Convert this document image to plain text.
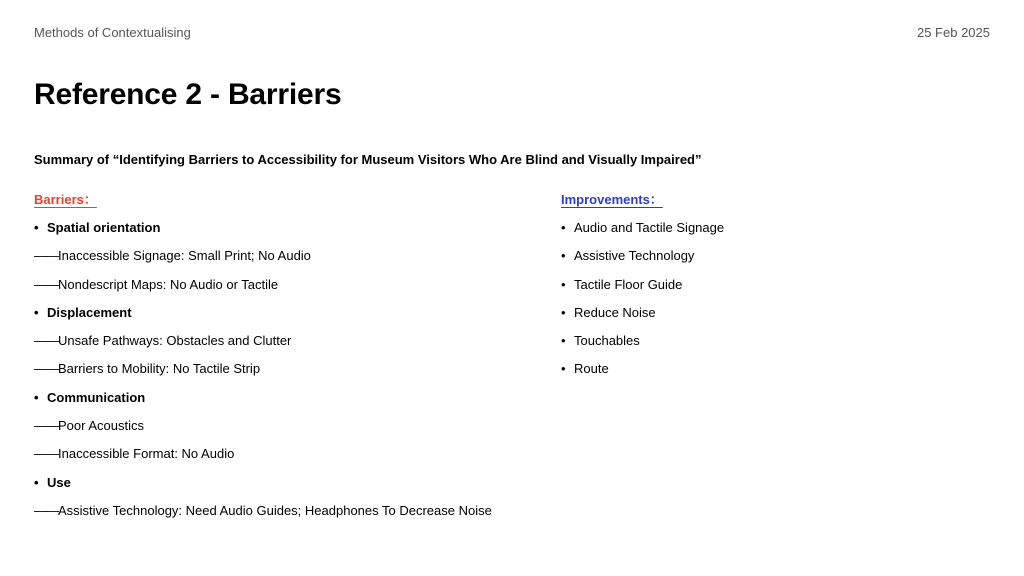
Methods of Contextualising	25 Feb 2025
Reference 2 - Barriers
Summary of “Identifying Barriers to Accessibility for Museum Visitors Who Are Blind and Visually Impaired”
Barriers：
• Spatial orientation
——Inaccessible Signage: Small Print; No Audio
——Nondescript Maps: No Audio or Tactile
• Displacement
——Unsafe Pathways: Obstacles and Clutter
——Barriers to Mobility: No Tactile Strip
• Communication
——Poor Acoustics
——Inaccessible Format: No Audio
• Use
——Assistive Technology: Need Audio Guides; Headphones To Decrease Noise
Improvements：
• Audio and Tactile Signage
• Assistive Technology
• Tactile Floor Guide
• Reduce Noise
• Touchables
• Route
